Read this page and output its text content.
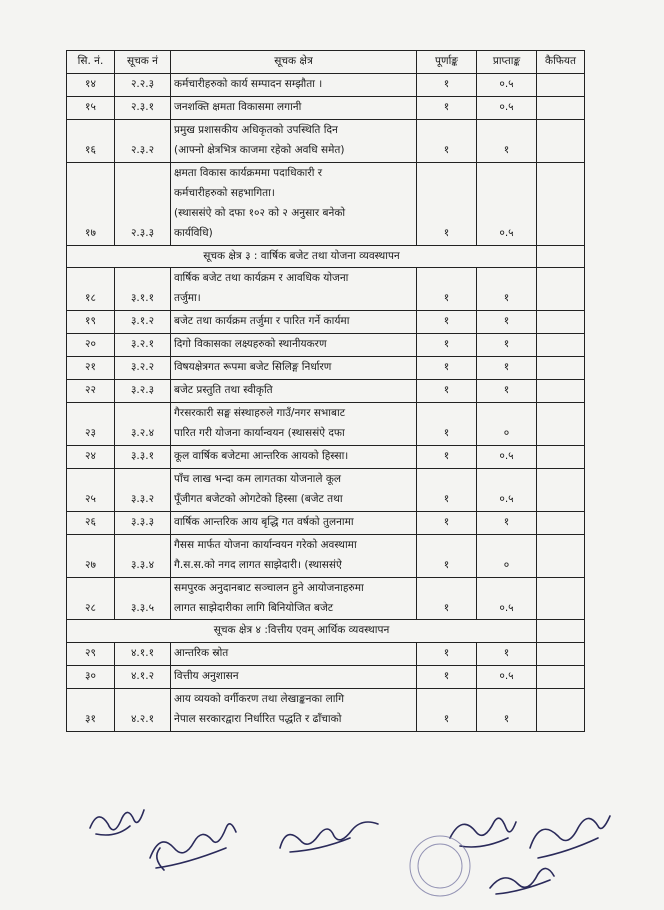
सि. नं.	सूचक नं	सूचक क्षेत्र	पूर्णाङ्क	प्राप्ताङ्क	कैफियत
१४	२.२.३	कर्मचारीहरुको कार्य सम्पादन सम्झौता ।	१	०.५	
१५	२.३.१	जनशक्ति क्षमता विकासमा लगानी	१	०.५	
१६	२.३.२	प्रमुख प्रशासकीय अधिकृतको उपस्थिति दिन
(आफ्नो क्षेत्रभित्र काजमा रहेको अवधि समेत)	१	१	
१७	२.३.३	क्षमता विकास कार्यक्रममा पदाधिकारी र
कर्मचारीहरुको सहभागिता।
(स्थाससंऐ को दफा १०२ को २ अनुसार बनेको
कार्यविधि)	१	०.५	
सूचक क्षेत्र ३ : वार्षिक बजेट तथा योजना व्यवस्थापन					
१८	३.१.१	वार्षिक बजेट तथा कार्यक्रम र आवधिक योजना
तर्जुमा।	१	१	
१९	३.१.२	बजेट तथा कार्यक्रम तर्जुमा र पारित गर्ने कार्यमा	१	१	
२०	३.२.१	दिगो विकासका लक्ष्यहरुको स्थानीयकरण	१	१	
२१	३.२.२	विषयक्षेत्रगत रूपमा बजेट सिलिङ्ग निर्धारण	१	१	
२२	३.२.३	बजेट प्रस्तुति तथा स्वीकृति	१	१	
२३	३.२.४	गैरसरकारी सङ्घ संस्थाहरुले गाउँ/नगर सभाबाट
पारित गरी योजना कार्यान्वयन (स्थाससंऐ दफा	१	०	
२४	३.३.१	कूल वार्षिक बजेटमा आन्तरिक आयको हिस्सा।	१	०.५	
२५	३.३.२	पाँच लाख भन्दा कम लागतका योजनाले कूल
पूँजीगत बजेटको ओगटेको हिस्सा (बजेट तथा	१	०.५	
२६	३.३.३	वार्षिक आन्तरिक आय बृद्धि गत वर्षको तुलनामा	१	१	
२७	३.३.४	गैसस मार्फत योजना कार्यान्वयन गरेको अवस्थामा
गै.स.स.को नगद लागत साझेदारी। (स्थाससंऐ	१	०	
२८	३.३.५	समपुरक अनुदानबाट सञ्चालन हुने आयोजनाहरुमा
लागत साझेदारीका लागि बिनियोजित बजेट	१	०.५	
सूचक क्षेत्र ४ :वित्तीय एवम् आर्थिक व्यवस्थापन					
२९	४.१.१	आन्तरिक स्रोत	१	१	
३०	४.१.२	वित्तीय अनुशासन	१	०.५	
३१	४.२.१	आय व्ययको वर्गीकरण तथा लेखाङ्कनका लागि
नेपाल सरकारद्वारा निर्धारित पद्धति र ढाँचाको	१	१	
